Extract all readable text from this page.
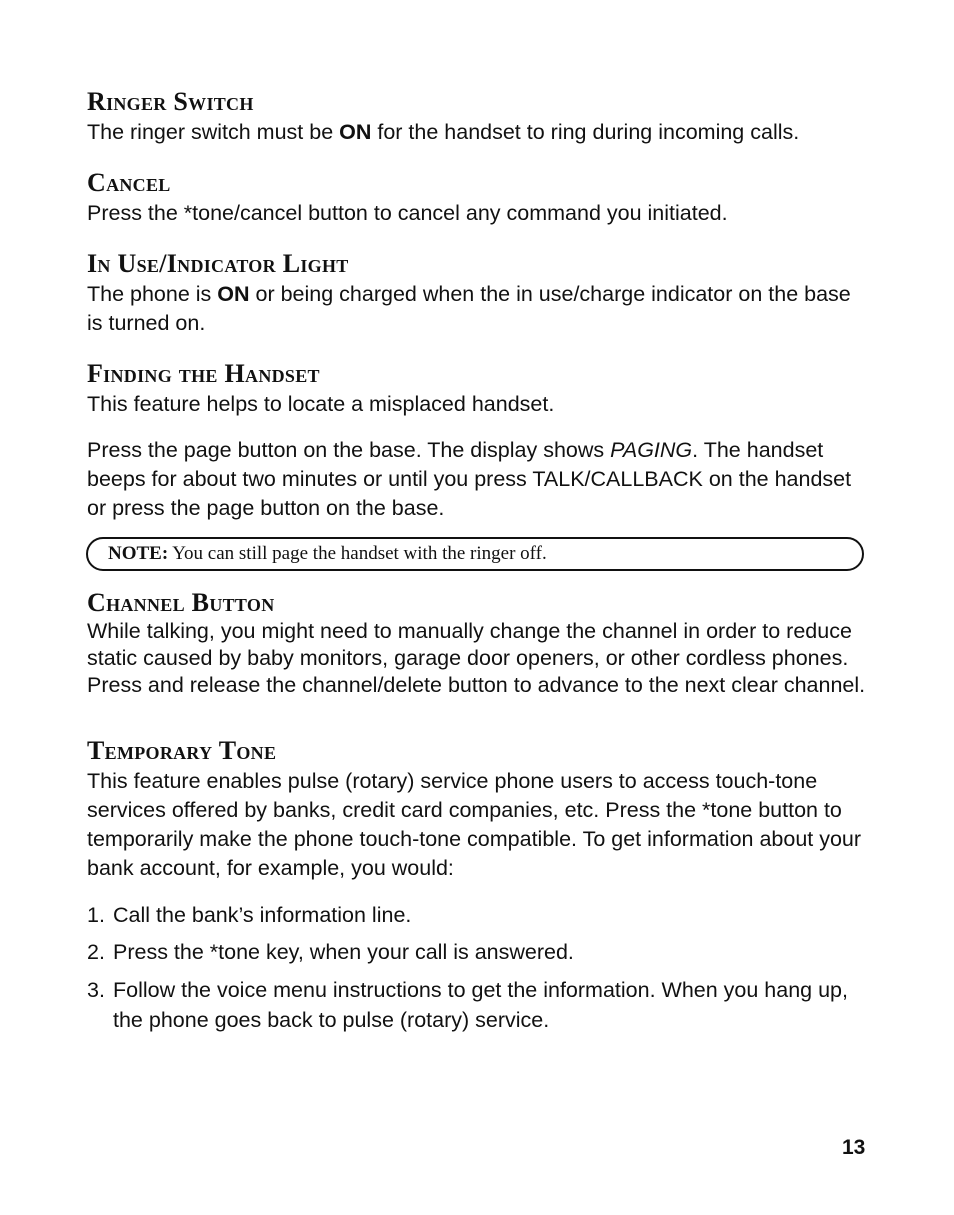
Ringer Switch
The ringer switch must be ON for the handset to ring during incoming calls.
Cancel
Press the *tone/cancel button to cancel any command you initiated.
In Use/Indicator Light
The phone is ON or being charged when the in use/charge indicator on the base is turned on.
Finding the Handset
This feature helps to locate a misplaced handset.
Press the page button on the base. The display shows PAGING. The handset beeps for about two minutes or until you press TALK/CALLBACK on the handset or press the page button on the base.
NOTE: You can still page the handset with the ringer off.
Channel Button
While talking, you might need to manually change the channel in order to reduce static caused by baby monitors, garage door openers, or other cordless phones. Press and release the channel/delete button to advance to the next clear channel.
Temporary Tone
This feature enables pulse (rotary) service phone users to access touch-tone services offered by banks, credit card companies, etc. Press the *tone button to temporarily make the phone touch-tone compatible. To get information about your bank account, for example, you would:
1. Call the bank’s information line.
2. Press the *tone key, when your call is answered.
3. Follow the voice menu instructions to get the information. When you hang up, the phone goes back to pulse (rotary) service.
13
